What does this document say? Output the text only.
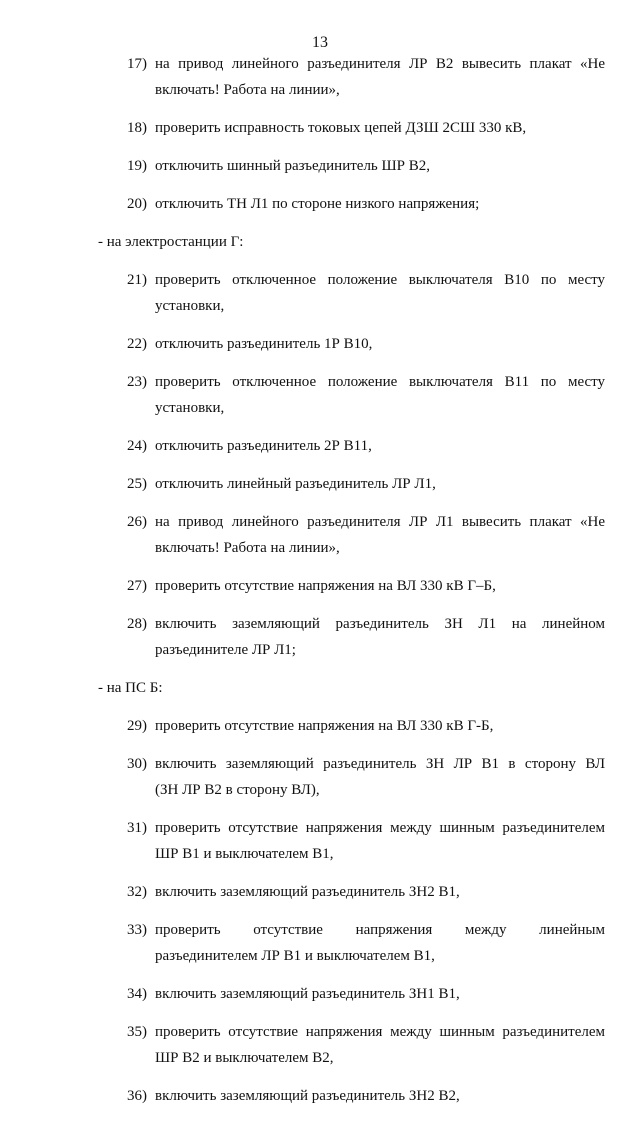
13
17) на привод линейного разъединителя ЛР В2 вывесить плакат «Не
включать! Работа на линии»,
18) проверить исправность токовых цепей ДЗШ 2СШ 330 кВ,
19) отключить шинный разъединитель ШР В2,
20) отключить ТН Л1 по стороне низкого напряжения;
- на электростанции Г:
21) проверить отключенное положение выключателя В10 по месту
установки,
22) отключить разъединитель 1Р В10,
23) проверить отключенное положение выключателя В11 по месту
установки,
24) отключить разъединитель 2Р В11,
25) отключить линейный разъединитель ЛР Л1,
26) на привод линейного разъединителя ЛР Л1 вывесить плакат «Не
включать! Работа на линии»,
27) проверить отсутствие напряжения на ВЛ 330 кВ Г–Б,
28) включить заземляющий разъединитель ЗН Л1 на линейном
разъединителе ЛР Л1;
- на ПС Б:
29) проверить отсутствие напряжения на ВЛ 330 кВ Г-Б,
30) включить заземляющий разъединитель ЗН ЛР В1 в сторону ВЛ
(ЗН ЛР В2 в сторону ВЛ),
31) проверить отсутствие напряжения между шинным разъединителем
ШР В1 и выключателем В1,
32) включить заземляющий разъединитель ЗН2 В1,
33) проверить отсутствие напряжения между линейным
разъединителем ЛР В1 и выключателем В1,
34) включить заземляющий разъединитель ЗН1 В1,
35) проверить отсутствие напряжения между шинным разъединителем
ШР В2 и выключателем В2,
36) включить заземляющий разъединитель ЗН2 В2,
